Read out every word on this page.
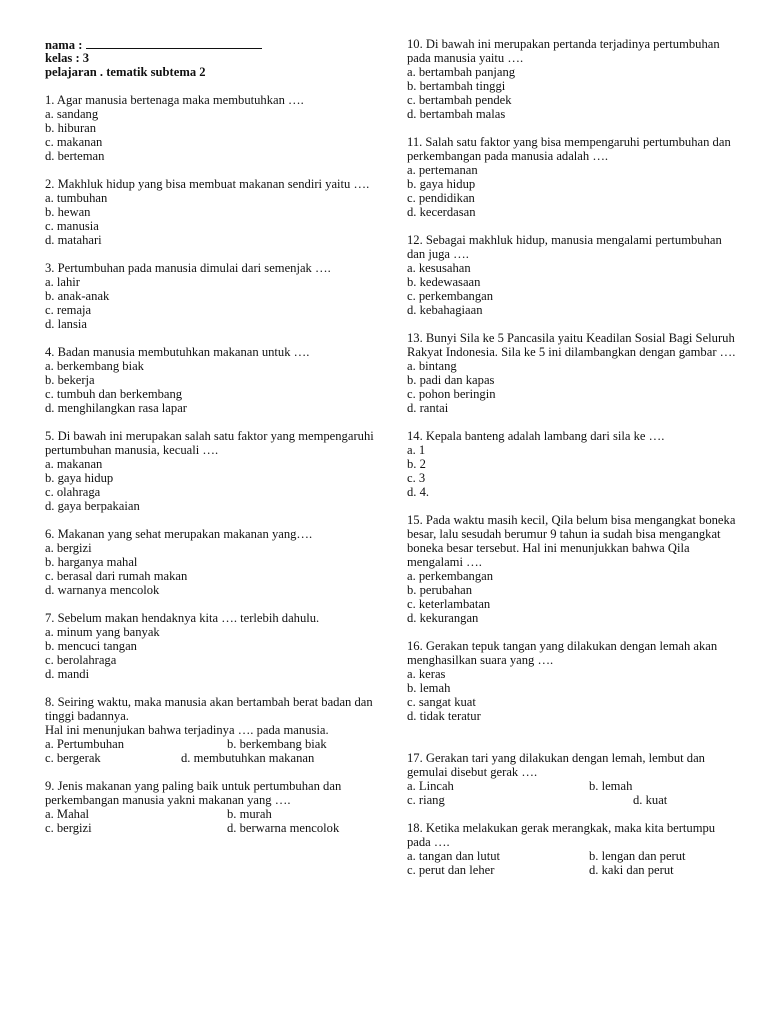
nama :
kelas : 3
pelajaran . tematik subtema 2

1. Agar manusia bertenaga maka membutuhkan ….

a. sandang
b. hiburan
c. makanan
d. berteman

2. Makhluk hidup yang bisa membuat makanan sendiri yaitu ….

a. tumbuhan
b. hewan
c. manusia
d. matahari

3. Pertumbuhan pada manusia dimulai dari semenjak ….

a. lahir
b. anak-anak
c. remaja
d. lansia

4. Badan manusia membutuhkan makanan untuk ….

a. berkembang biak
b. bekerja
c. tumbuh dan berkembang
d. menghilangkan rasa lapar

5. Di bawah ini merupakan salah satu faktor yang mempengaruhi pertumbuhan manusia, kecuali ….

a. makanan
b. gaya hidup
c. olahraga
d. gaya berpakaian

6. Makanan yang sehat merupakan makanan yang….

a. bergizi
b. harganya mahal
c. berasal dari rumah makan
d. warnanya mencolok

7. Sebelum makan hendaknya kita …. terlebih dahulu.

a. minum yang banyak
b. mencuci tangan
c. berolahraga
d. mandi

8. Seiring waktu, maka manusia akan bertambah berat badan dan tinggi badannya.

Hal ini menunjukan bahwa terjadinya …. pada manusia.

a. Pertumbuhan	b. berkembang biak
c. bergerak	d. membutuhkan makanan

9. Jenis makanan yang paling baik untuk pertumbuhan dan perkembangan manusia yakni makanan yang ….

a. Mahal	b. murah
c. bergizi	d. berwarna mencolok

10. Di bawah ini merupakan pertanda terjadinya pertumbuhan pada manusia yaitu ….

a. bertambah panjang
b. bertambah tinggi
c. bertambah pendek
d. bertambah malas

11. Salah satu faktor yang bisa mempengaruhi pertumbuhan dan perkembangan pada manusia adalah ….

a. pertemanan
b. gaya hidup
c. pendidikan
d. kecerdasan

12. Sebagai makhluk hidup, manusia mengalami pertumbuhan dan juga ….

a. kesusahan
b. kedewasaan
c. perkembangan
d. kebahagiaan

13. Bunyi Sila ke 5 Pancasila yaitu Keadilan Sosial Bagi Seluruh Rakyat Indonesia. Sila ke 5 ini dilambangkan dengan gambar ….

a. bintang
b. padi dan kapas
c. pohon beringin
d. rantai

14. Kepala banteng adalah lambang dari sila ke ….

a. 1
b. 2
c. 3
d. 4.

15. Pada waktu masih kecil, Qila belum bisa mengangkat boneka besar, lalu sesudah berumur 9 tahun ia sudah bisa mengangkat boneka besar tersebut. Hal ini menunjukkan bahwa Qila mengalami ….

a. perkembangan
b. perubahan
c. keterlambatan
d. kekurangan

16. Gerakan tepuk tangan yang dilakukan dengan lemah akan menghasilkan suara yang ….

a. keras
b. lemah
c. sangat kuat
d. tidak teratur

17. Gerakan tari yang dilakukan dengan lemah, lembut dan gemulai disebut gerak ….

a. Lincah	b. lemah
c. riang	d. kuat

18. Ketika melakukan gerak merangkak, maka kita bertumpu pada ….

a. tangan dan lutut	b. lengan dan perut
c. perut dan leher	d. kaki dan perut
